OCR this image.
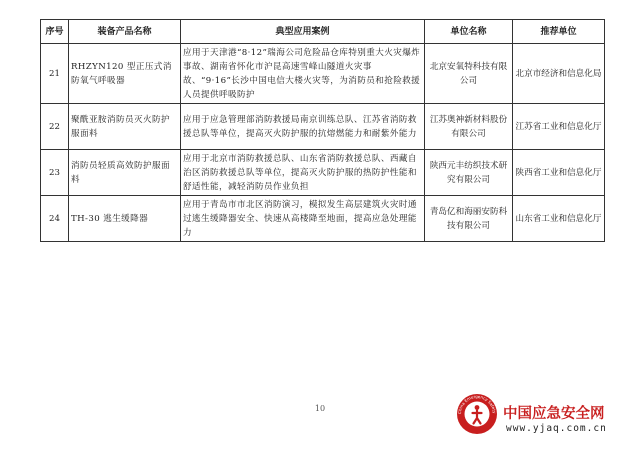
序号	装备产品名称	典型应用案例	单位名称	推荐单位
21	RHZYN120 型正压式消防氧气呼吸器	应用于天津港“8·12”瑞海公司危险品仓库特别重大火灾爆炸事故、湖南省怀化市沪昆高速雪峰山隧道火灾事故、“9·16”长沙中国电信大楼火灾等，为消防员和抢险救援人员提供呼吸防护	北京安氧特科技有限公司	北京市经济和信息化局
22	聚酰亚胺消防员灭火防护服面料	应用于应急管理部消防救援局南京训练总队、江苏省消防救援总队等单位，提高灭火防护服的抗熔燃能力和耐紫外能力	江苏奥神新材料股份有限公司	江苏省工业和信息化厅
23	消防员轻质高效防护服面料	应用于北京市消防救援总队、山东省消防救援总队、西藏自治区消防救援总队等单位，提高灭火防护服的热防护性能和舒适性能，减轻消防员作业负担	陕西元丰纺织技术研究有限公司	陕西省工业和信息化厅
24	TH-30 逃生缓降器	应用于青岛市市北区消防演习，模拟发生高层建筑火灾时通过逃生缓降器安全、快速从高楼降至地面，提高应急处理能力	青岛亿和海丽安防科技有限公司	山东省工业和信息化厅
10	China Emergency Safety 中国应急安全网
www.yjaq.com.cn
